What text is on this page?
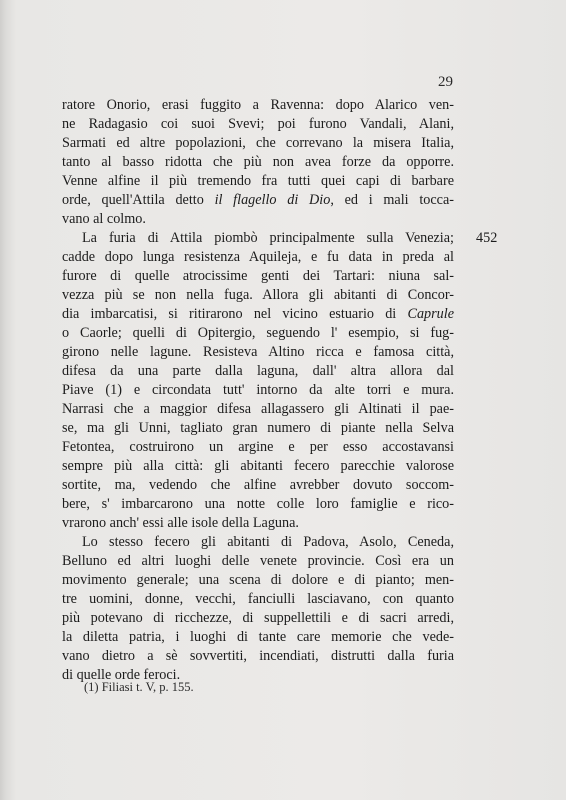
29
ratore Onorio, erasi fuggito a Ravenna: dopo Alarico ven-
ne Radagasio coi suoi Svevi; poi furono Vandali, Alani,
Sarmati ed altre popolazioni, che correvano la misera Italia,
tanto al basso ridotta che più non avea forze da opporre.
Venne alfine il più tremendo fra tutti quei capi di barbare
orde, quell'Attila detto il flagello di Dio, ed i mali tocca-
vano al colmo.
La furia di Attila piombò principalmente sulla Venezia;
cadde dopo lunga resistenza Aquileja, e fu data in preda al
furore di quelle atrocissime genti dei Tartari: niuna sal-
vezza più se non nella fuga. Allora gli abitanti di Concor-
dia imbarcatisi, si ritirarono nel vicino estuario di Caprule
o Caorle; quelli di Opitergio, seguendo l' esempio, si fug-
girono nelle lagune. Resisteva Altino ricca e famosa città,
difesa da una parte dalla laguna, dall' altra allora dal
Piave (1) e circondata tutt' intorno da alte torri e mura.
Narrasi che a maggior difesa allagassero gli Altinati il pae-
se, ma gli Unni, tagliato gran numero di piante nella Selva
Fetontea, costruirono un argine e per esso accostavansi
sempre più alla città: gli abitanti fecero parecchie valorose
sortite, ma, vedendo che alfine avrebber dovuto soccom-
bere, s' imbarcarono una notte colle loro famiglie e rico-
vrarono anch' essi alle isole della Laguna.
Lo stesso fecero gli abitanti di Padova, Asolo, Ceneda,
Belluno ed altri luoghi delle venete provincie. Così era un
movimento generale; una scena di dolore e di pianto; men-
tre uomini, donne, vecchi, fanciulli lasciavano, con quanto
più potevano di ricchezze, di suppellettili e di sacri arredi,
la diletta patria, i luoghi di tante care memorie che vede-
vano dietro a sè sovvertiti, incendiati, distrutti dalla furia
di quelle orde feroci.
452
(1) Filiasi t. V, p. 155.
